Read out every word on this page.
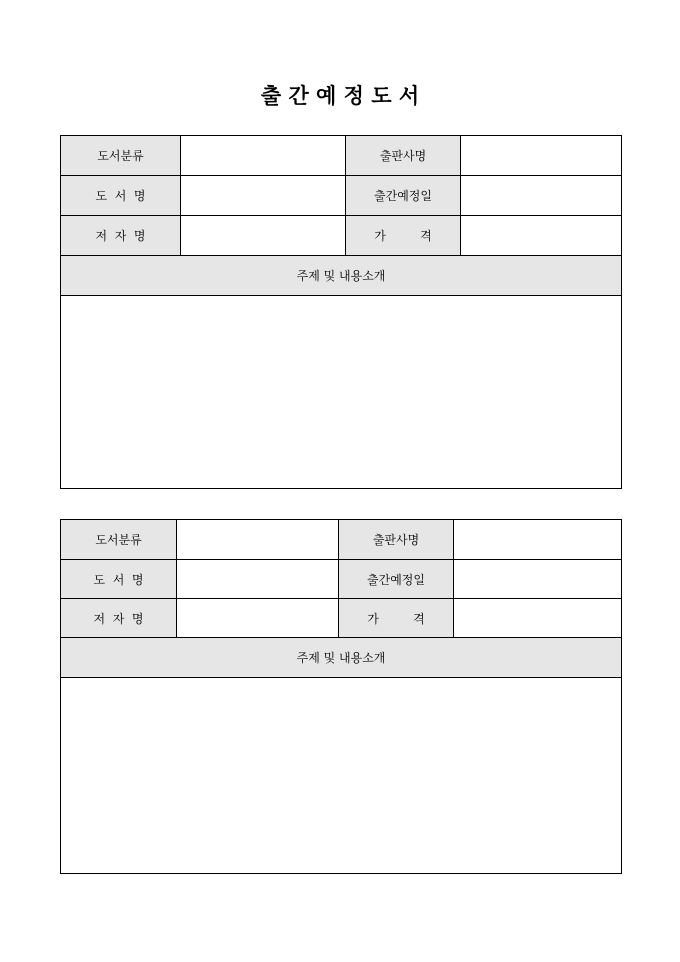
출 간 예 정 도 서
도서분류		출판사명	
도  서  명		출간예정일	
저  자  명		가         격	
주제 및 내용소개			

도서분류		출판사명	
도  서  명		출간예정일	
저  자  명		가         격	
주제 및 내용소개			
